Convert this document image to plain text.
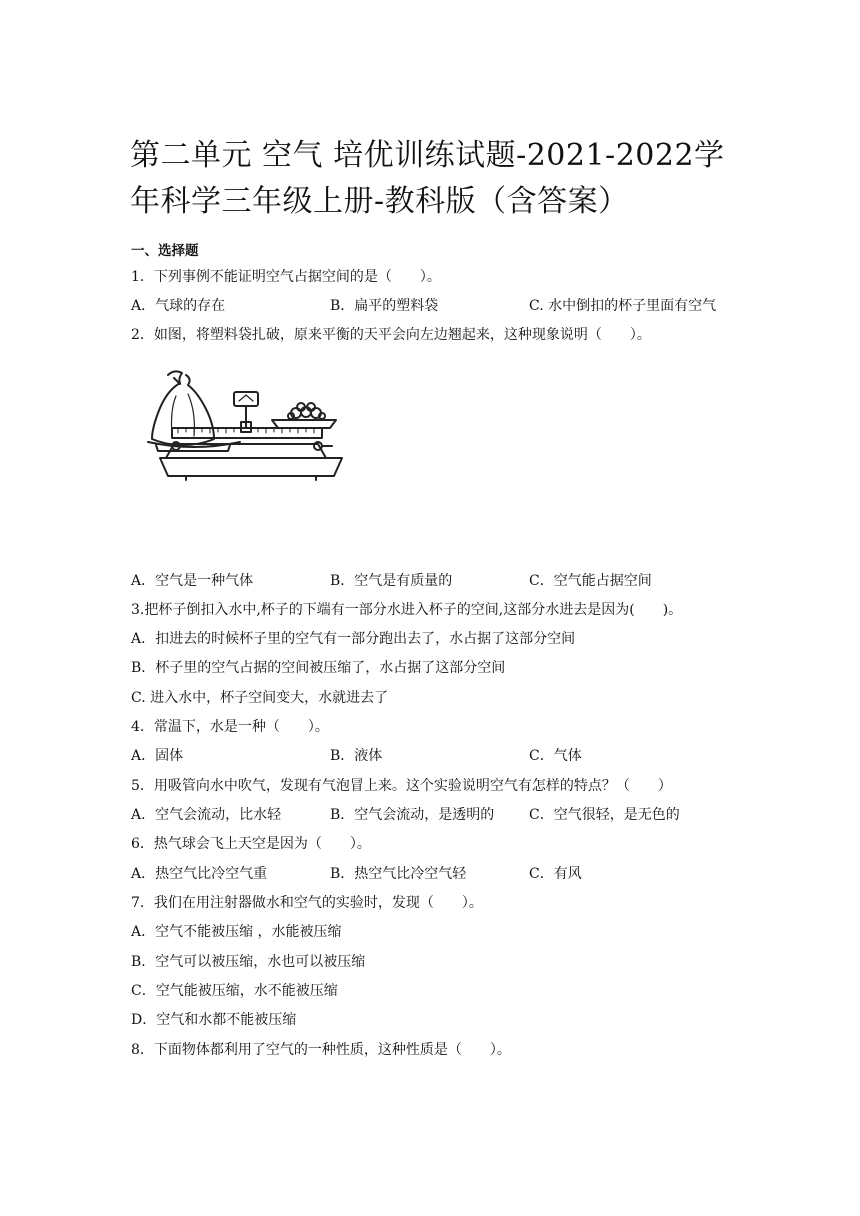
第二单元 空气 培优训练试题-2021-2022学年科学三年级上册-教科版（含答案）
一、选择题
1．下列事例不能证明空气占据空间的是（　　）。
A．气球的存在	B．扁平的塑料袋	C. 水中倒扣的杯子里面有空气
2．如图，将塑料袋扎破，原来平衡的天平会向左边翘起来，这种现象说明（　　）。
A．空气是一种气体	B．空气是有质量的	C．空气能占据空间
3.把杯子倒扣入水中,杯子的下端有一部分水进入杯子的空间,这部分水进去是因为(　　)。
A．扣进去的时候杯子里的空气有一部分跑出去了，水占据了这部分空间
B．杯子里的空气占据的空间被压缩了，水占据了这部分空间
C. 进入水中，杯子空间变大，水就进去了
4．常温下，水是一种（　　）。
A．固体	B．液体	C．气体
5．用吸管向水中吹气，发现有气泡冒上来。这个实验说明空气有怎样的特点？（　　）
A．空气会流动，比水轻	B．空气会流动，是透明的 C．空气很轻，是无色的
6．热气球会飞上天空是因为（　　）。
A．热空气比冷空气重	B．热空气比冷空气轻	C．有风
7．我们在用注射器做水和空气的实验时，发现（　　）。
A．空气不能被压缩 ，水能被压缩
B．空气可以被压缩，水也可以被压缩
C．空气能被压缩，水不能被压缩
D．空气和水都不能被压缩
8．下面物体都利用了空气的一种性质，这种性质是（　　）。
